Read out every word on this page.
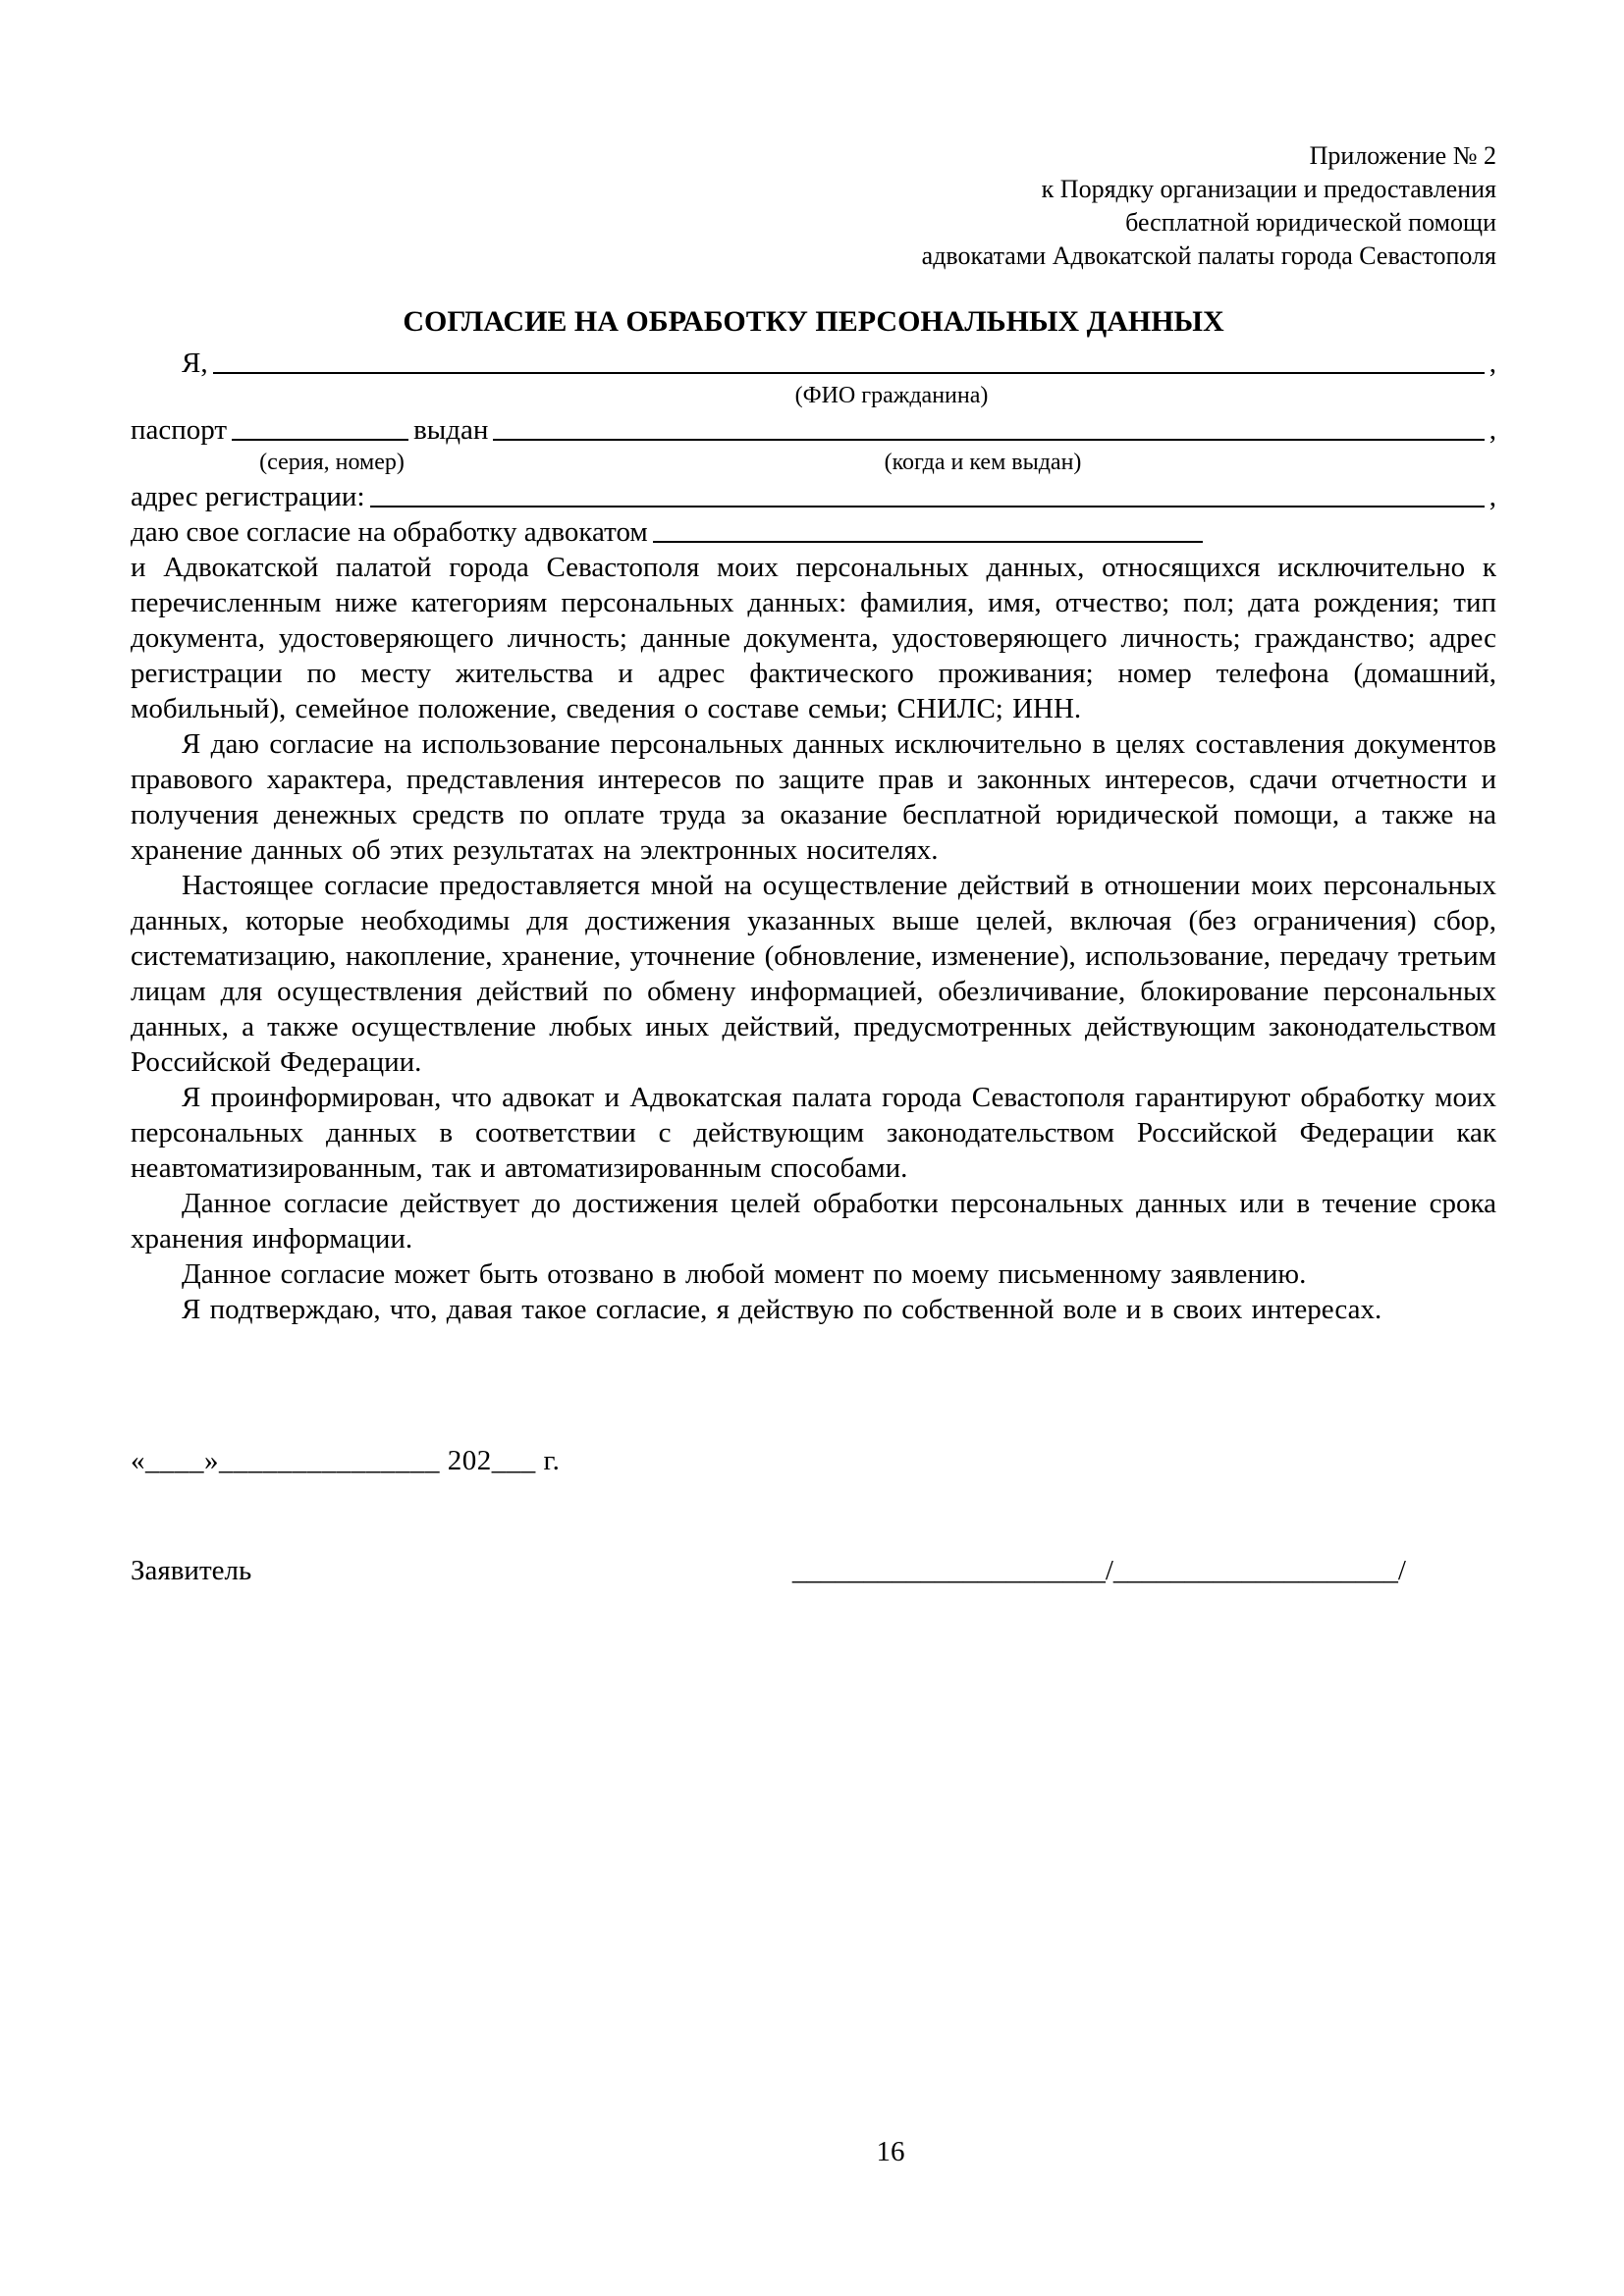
Приложение № 2
к Порядку организации и предоставления
бесплатной юридической помощи
адвокатами Адвокатской палаты города Севастополя
СОГЛАСИЕ НА ОБРАБОТКУ ПЕРСОНАЛЬНЫХ ДАННЫХ
Я,	,
(ФИО гражданина)
паспорт	выдан	,
(серия, номер)	(когда и кем выдан)
адрес регистрации:	,
даю свое согласие на обработку адвокатом

и Адвокатской палатой города Севастополя моих персональных данных, относящихся исключительно к перечисленным ниже категориям персональных данных: фамилия, имя, отчество; пол; дата рождения; тип документа, удостоверяющего личность; данные документа, удостоверяющего личность; гражданство; адрес регистрации по месту жительства и адрес фактического проживания; номер телефона (домашний, мобильный), семейное положение, сведения о составе семьи; СНИЛС; ИНН.

Я даю согласие на использование персональных данных исключительно в целях составления документов правового характера, представления интересов по защите прав и законных интересов, сдачи отчетности и получения денежных средств по оплате труда за оказание бесплатной юридической помощи, а также на хранение данных об этих результатах на электронных носителях.

Настоящее согласие предоставляется мной на осуществление действий в отношении моих персональных данных, которые необходимы для достижения указанных выше целей, включая (без ограничения) сбор, систематизацию, накопление, хранение, уточнение (обновление, изменение), использование, передачу третьим лицам для осуществления действий по обмену информацией, обезличивание, блокирование персональных данных, а также осуществление любых иных действий, предусмотренных действующим законодательством Российской Федерации.

Я проинформирован, что адвокат и Адвокатская палата города Севастополя гарантируют обработку моих персональных данных в соответствии с действующим законодательством Российской Федерации как неавтоматизированным, так и автоматизированным способами.

Данное согласие действует до достижения целей обработки персональных данных или в течение срока хранения информации.

Данное согласие может быть отозвано в любой момент по моему письменному заявлению.

Я подтверждаю, что, давая такое согласие, я действую по собственной воле и в своих интересах.

«____»_______________ 202___ г.
Заявитель	______________________/____________________/
16
